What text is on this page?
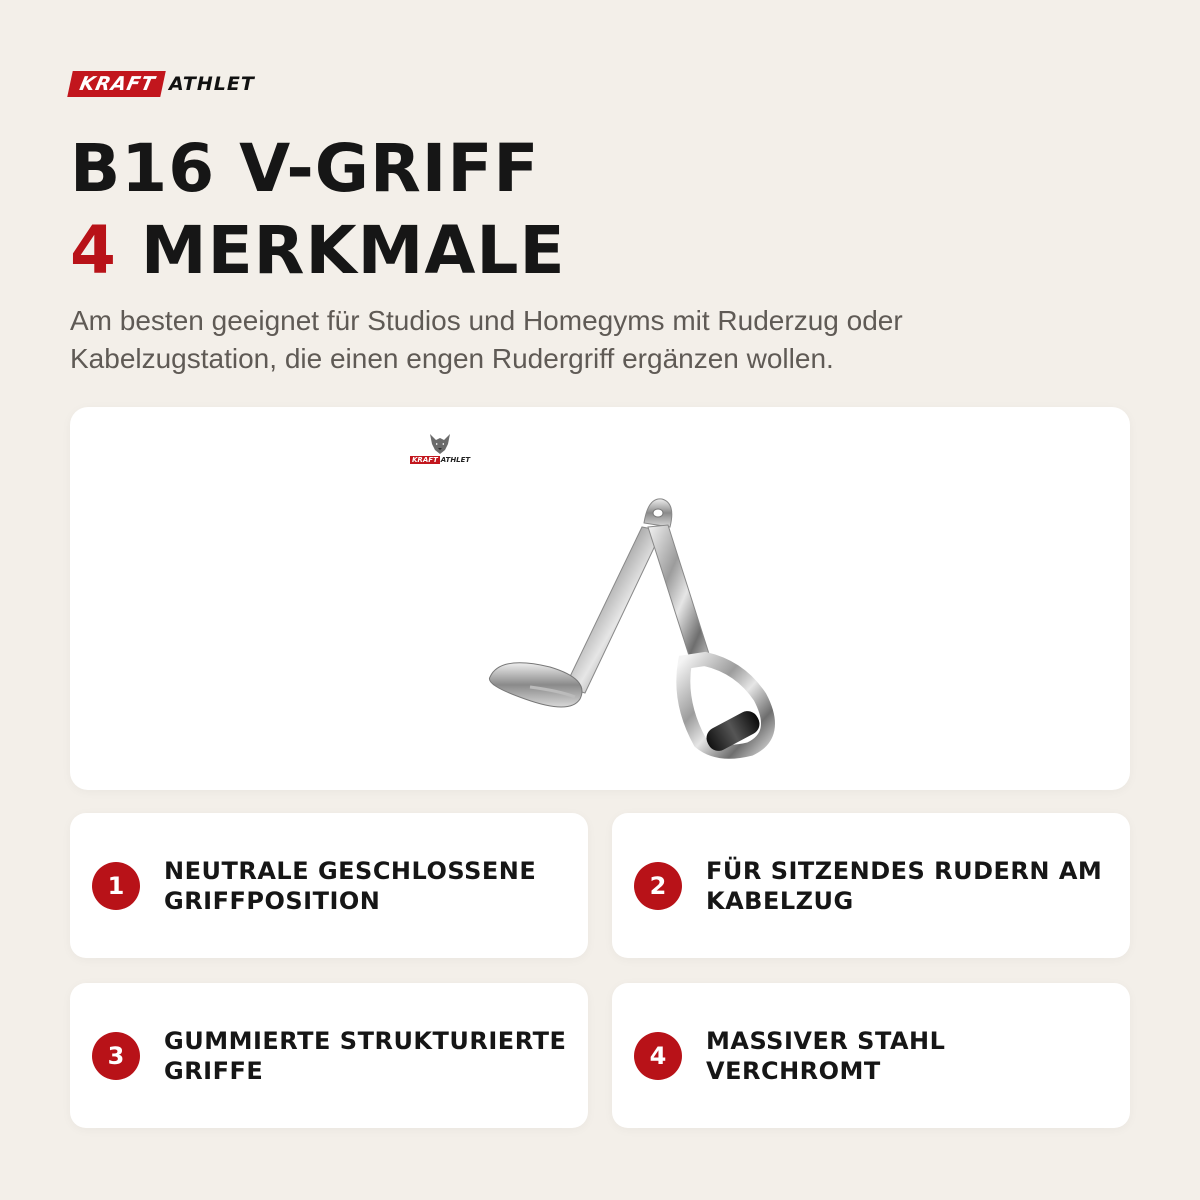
KRAFT ATHLET
B16 V-GRIFF
4 MERKMALE
Am besten geeignet für Studios und Homegyms mit Ruderzug oder Kabelzugstation, die einen engen Rudergriff ergänzen wollen.
KRAFT ATHLET
1
NEUTRALE GESCHLOSSENE GRIFFPOSITION
2
FÜR SITZENDES RUDERN AM KABELZUG
3
GUMMIERTE STRUKTURIERTE GRIFFE
4
MASSIVER STAHL VERCHROMT
